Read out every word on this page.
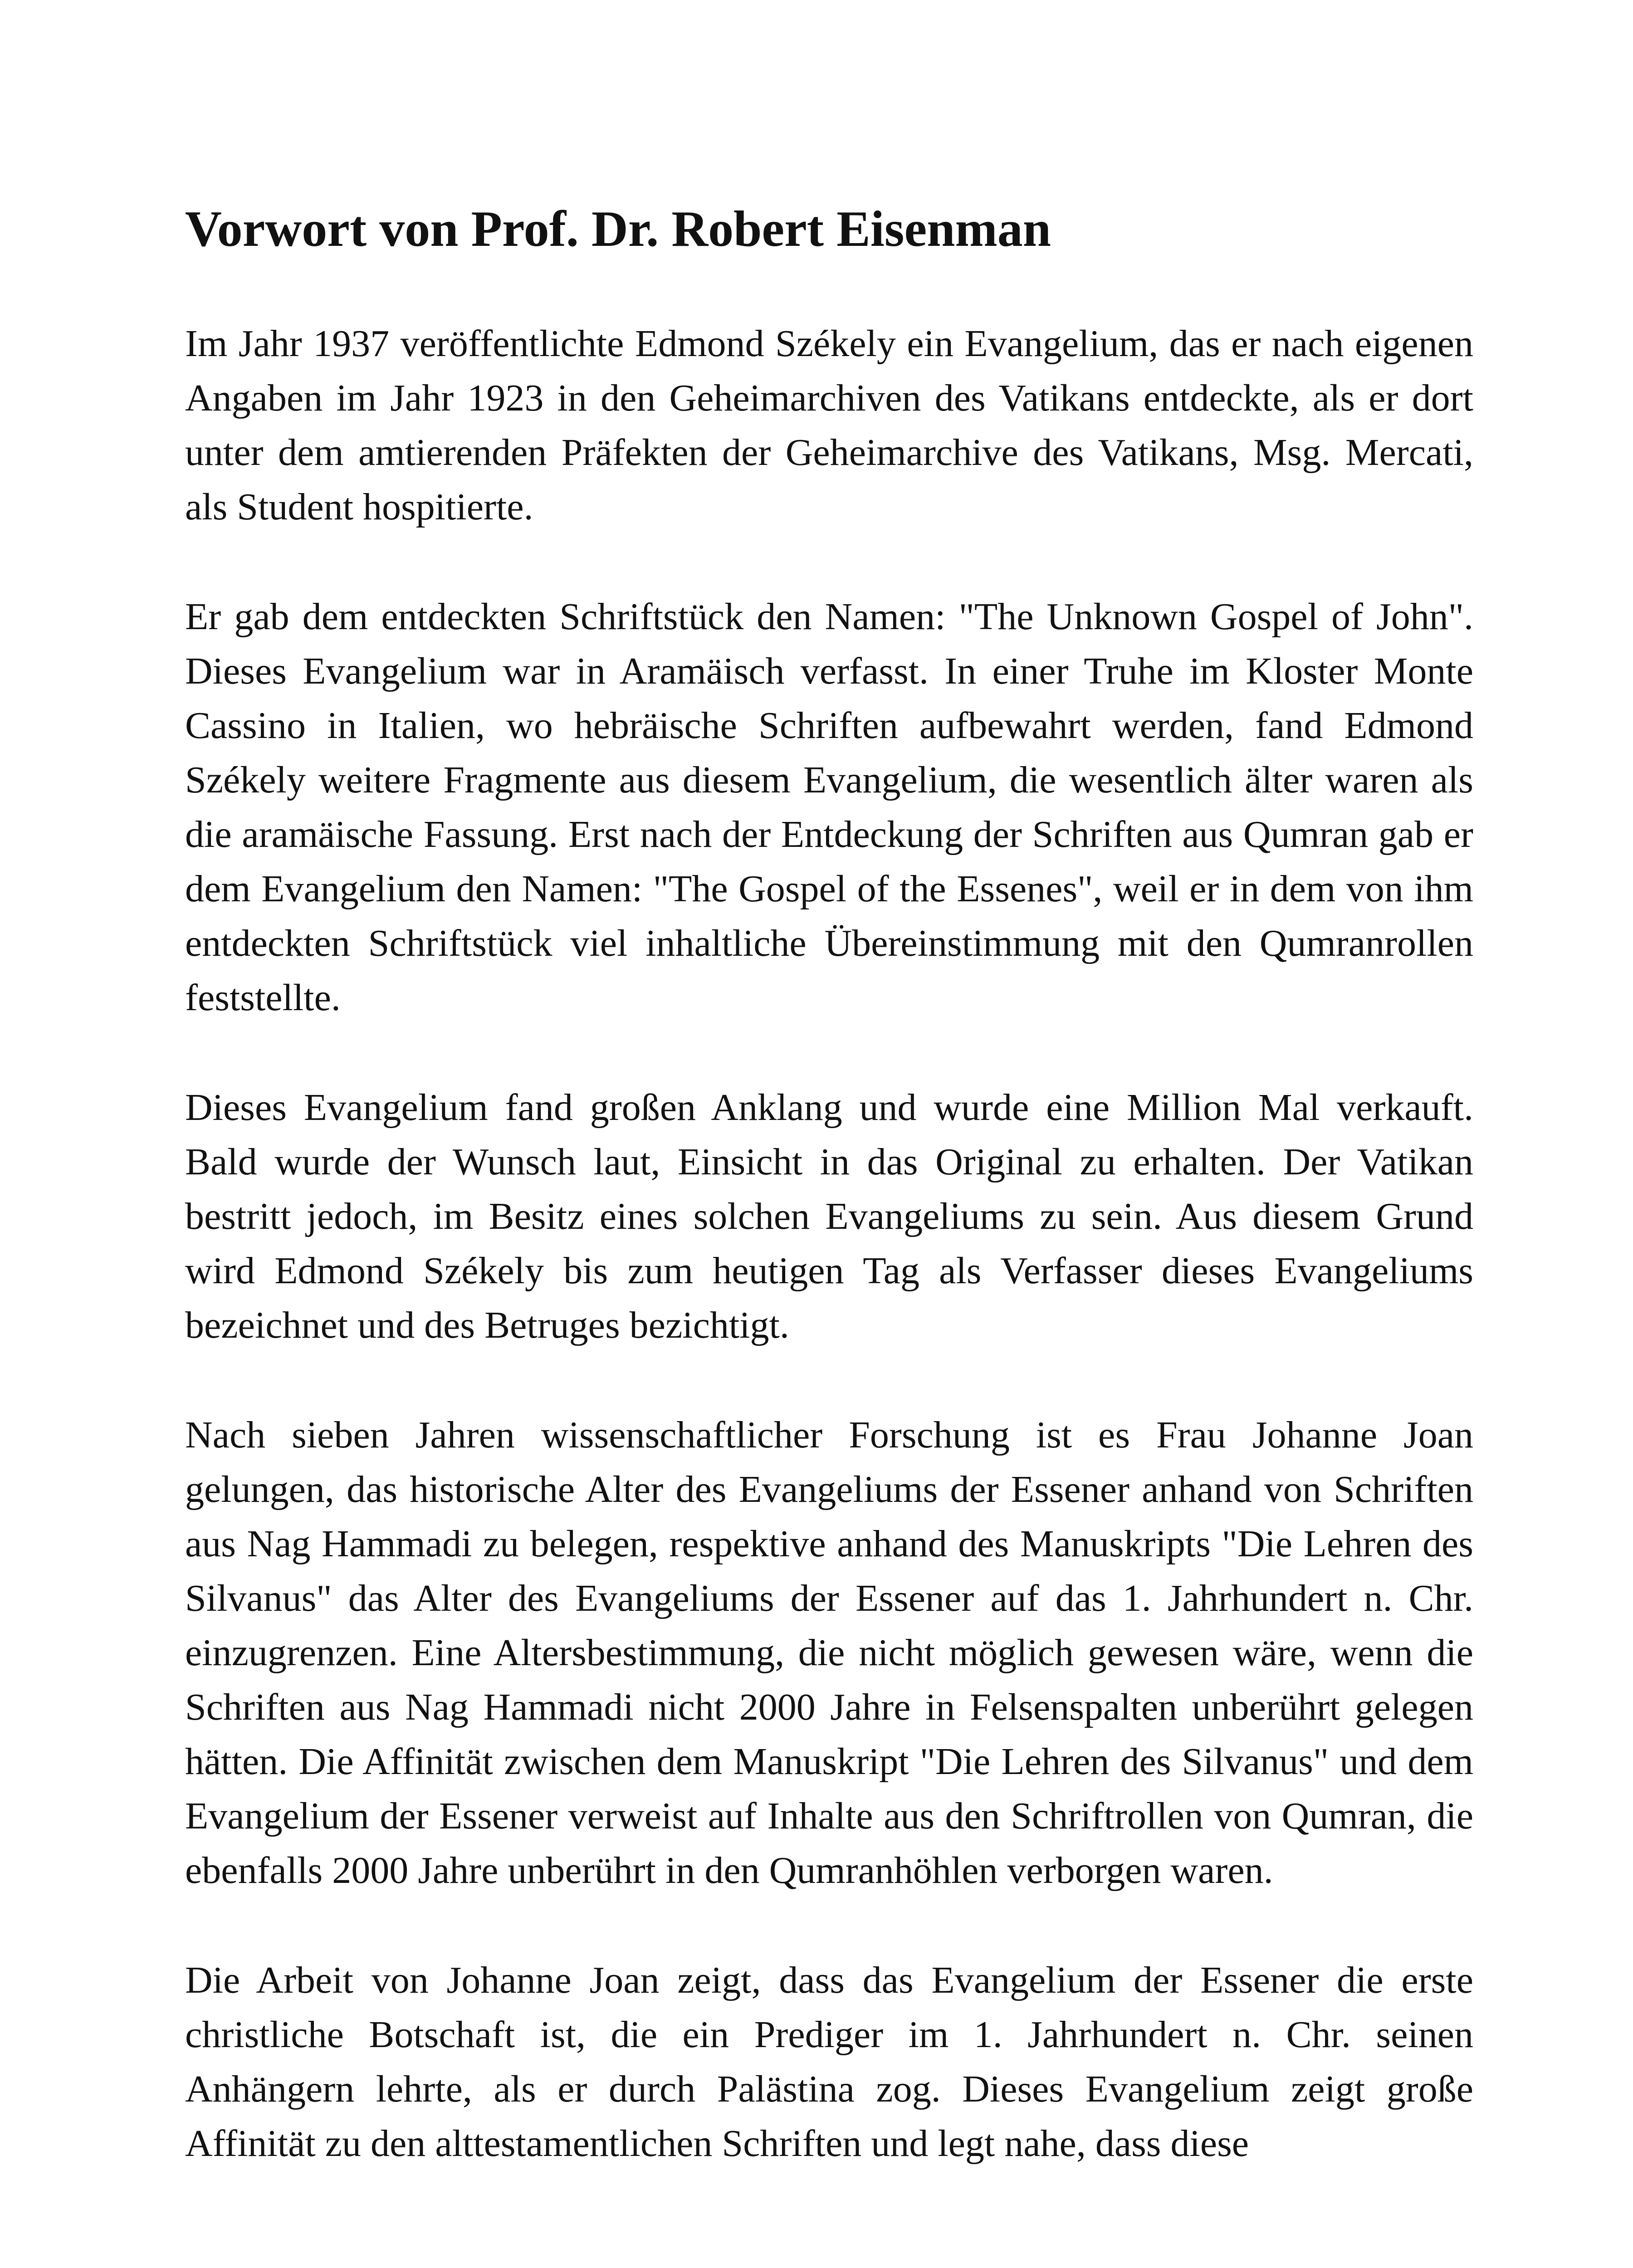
Vorwort von Prof. Dr. Robert Eisenman

Im Jahr 1937 veröffentlichte Edmond Székely ein Evangelium, das er nach eigenen Angaben im Jahr 1923 in den Geheimarchiven des Vatikans entdeckte, als er dort unter dem amtierenden Präfekten der Geheimarchive des Vatikans, Msg. Mercati, als Student hospitierte.

Er gab dem entdeckten Schriftstück den Namen: "The Unknown Gospel of John". Dieses Evangelium war in Aramäisch verfasst. In einer Truhe im Kloster Monte Cassino in Italien, wo hebräische Schriften aufbewahrt werden, fand Edmond Székely weitere Fragmente aus diesem Evangelium, die wesentlich älter waren als die aramäische Fassung. Erst nach der Entdeckung der Schriften aus Qumran gab er dem Evangelium den Namen: "The Gospel of the Essenes", weil er in dem von ihm entdeckten Schriftstück viel inhaltliche Übereinstimmung mit den Qumranrollen feststellte.

Dieses Evangelium fand großen Anklang und wurde eine Million Mal verkauft. Bald wurde der Wunsch laut, Einsicht in das Original zu erhalten. Der Vatikan bestritt jedoch, im Besitz eines solchen Evangeliums zu sein. Aus diesem Grund wird Edmond Székely bis zum heutigen Tag als Verfasser dieses Evangeliums bezeichnet und des Betruges bezichtigt.

Nach sieben Jahren wissenschaftlicher Forschung ist es Frau Johanne Joan gelungen, das historische Alter des Evangeliums der Essener anhand von Schriften aus Nag Hammadi zu belegen, respektive anhand des Manuskripts "Die Lehren des Silvanus" das Alter des Evangeliums der Essener auf das 1. Jahrhundert n. Chr. einzugrenzen. Eine Altersbestimmung, die nicht möglich gewesen wäre, wenn die Schriften aus Nag Hammadi nicht 2000 Jahre in Felsenspalten unberührt gelegen hätten. Die Affinität zwischen dem Manuskript "Die Lehren des Silvanus" und dem Evangelium der Essener verweist auf Inhalte aus den Schriftrollen von Qumran, die ebenfalls 2000 Jahre unberührt in den Qumranhöhlen verborgen waren.

Die Arbeit von Johanne Joan zeigt, dass das Evangelium der Essener die erste christliche Botschaft ist, die ein Prediger im 1. Jahrhundert n. Chr. seinen Anhängern lehrte, als er durch Palästina zog. Dieses Evangelium zeigt große Affinität zu den alttestamentlichen Schriften und legt nahe, dass diese
